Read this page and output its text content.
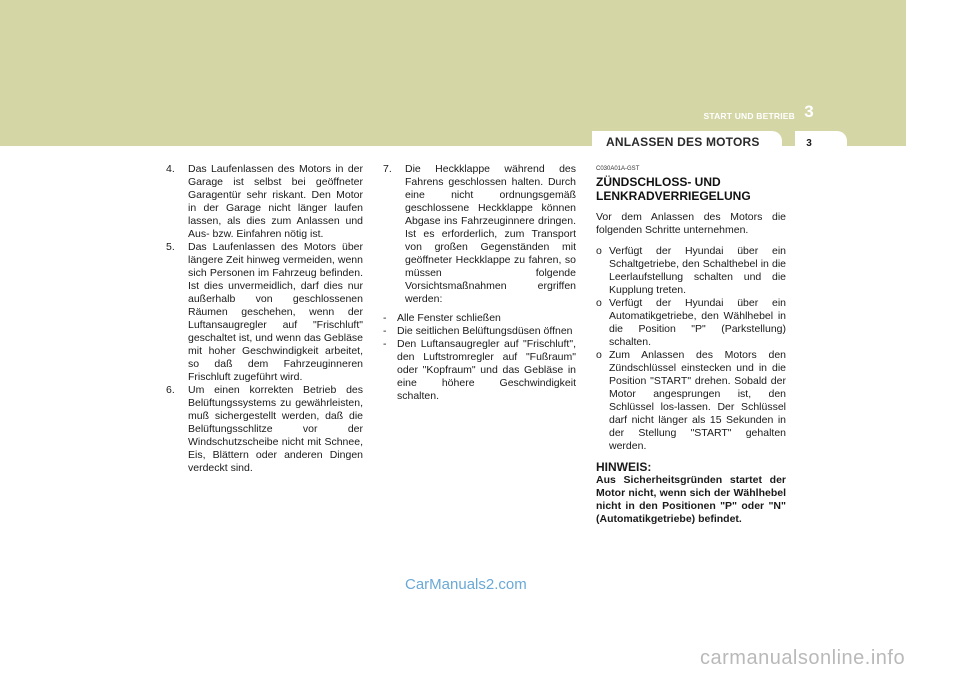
3
START UND BETRIEB
ANLASSEN DES MOTORS	3
4. Das Laufenlassen des Motors in der Garage ist selbst bei geöffneter Garagentür sehr riskant. Den Motor in der Garage nicht länger laufen lassen, als dies zum Anlassen und Aus- bzw. Einfahren nötig ist.
5. Das Laufenlassen des Motors über längere Zeit hinweg vermeiden, wenn sich Personen im Fahrzeug befinden. Ist dies unvermeidlich, darf dies nur außerhalb von geschlossenen Räumen geschehen, wenn der Luftansaugregler auf "Frischluft" geschaltet ist, und wenn das Gebläse mit hoher Geschwindigkeit arbeitet, so daß dem Fahrzeuginneren Frischluft zugeführt wird.
6. Um einen korrekten Betrieb des Belüftungssystems zu gewährleisten, muß sichergestellt werden, daß die Belüftungsschlitze vor der Windschutzscheibe nicht mit Schnee, Eis, Blättern oder anderen Dingen verdeckt sind.
7. Die Heckklappe während des Fahrens geschlossen halten. Durch eine nicht ordnungsgemäß geschlossene Heckklappe können Abgase ins Fahrzeuginnere dringen. Ist es erforderlich, zum Transport von großen Gegenständen mit geöffneter Heckklappe zu fahren, so müssen folgende Vorsichtsmaßnahmen ergriffen werden:
- Alle Fenster schließen
- Die seitlichen Belüftungsdüsen öffnen
- Den Luftansaugregler auf "Frischluft", den Luftstromregler auf "Fußraum" oder "Kopfraum" und das Gebläse in eine höhere Geschwindigkeit schalten.
C030A01A-GST
ZÜNDSCHLOSS- UND
LENKRADVERRIEGELUNG
Vor dem Anlassen des Motors die folgenden Schritte unternehmen.
o Verfügt der Hyundai über ein Schaltgetriebe, den Schalthebel in die Leerlaufstellung schalten und die Kupplung treten.
o Verfügt der Hyundai über ein Automatikgetriebe, den Wählhebel in die Position "P" (Parkstellung) schalten.
o Zum Anlassen des Motors den Zündschlüssel einstecken und in die Position "START" drehen. Sobald der Motor angesprungen ist, den Schlüssel los-lassen. Der Schlüssel darf nicht länger als 15 Sekunden in der Stellung "START" gehalten werden.
HINWEIS:
Aus Sicherheitsgründen startet der Motor nicht, wenn sich der Wählhebel nicht in den Positionen "P" oder "N" (Automatikgetriebe) befindet.
CarManuals2.com
carmanualsonline.info
